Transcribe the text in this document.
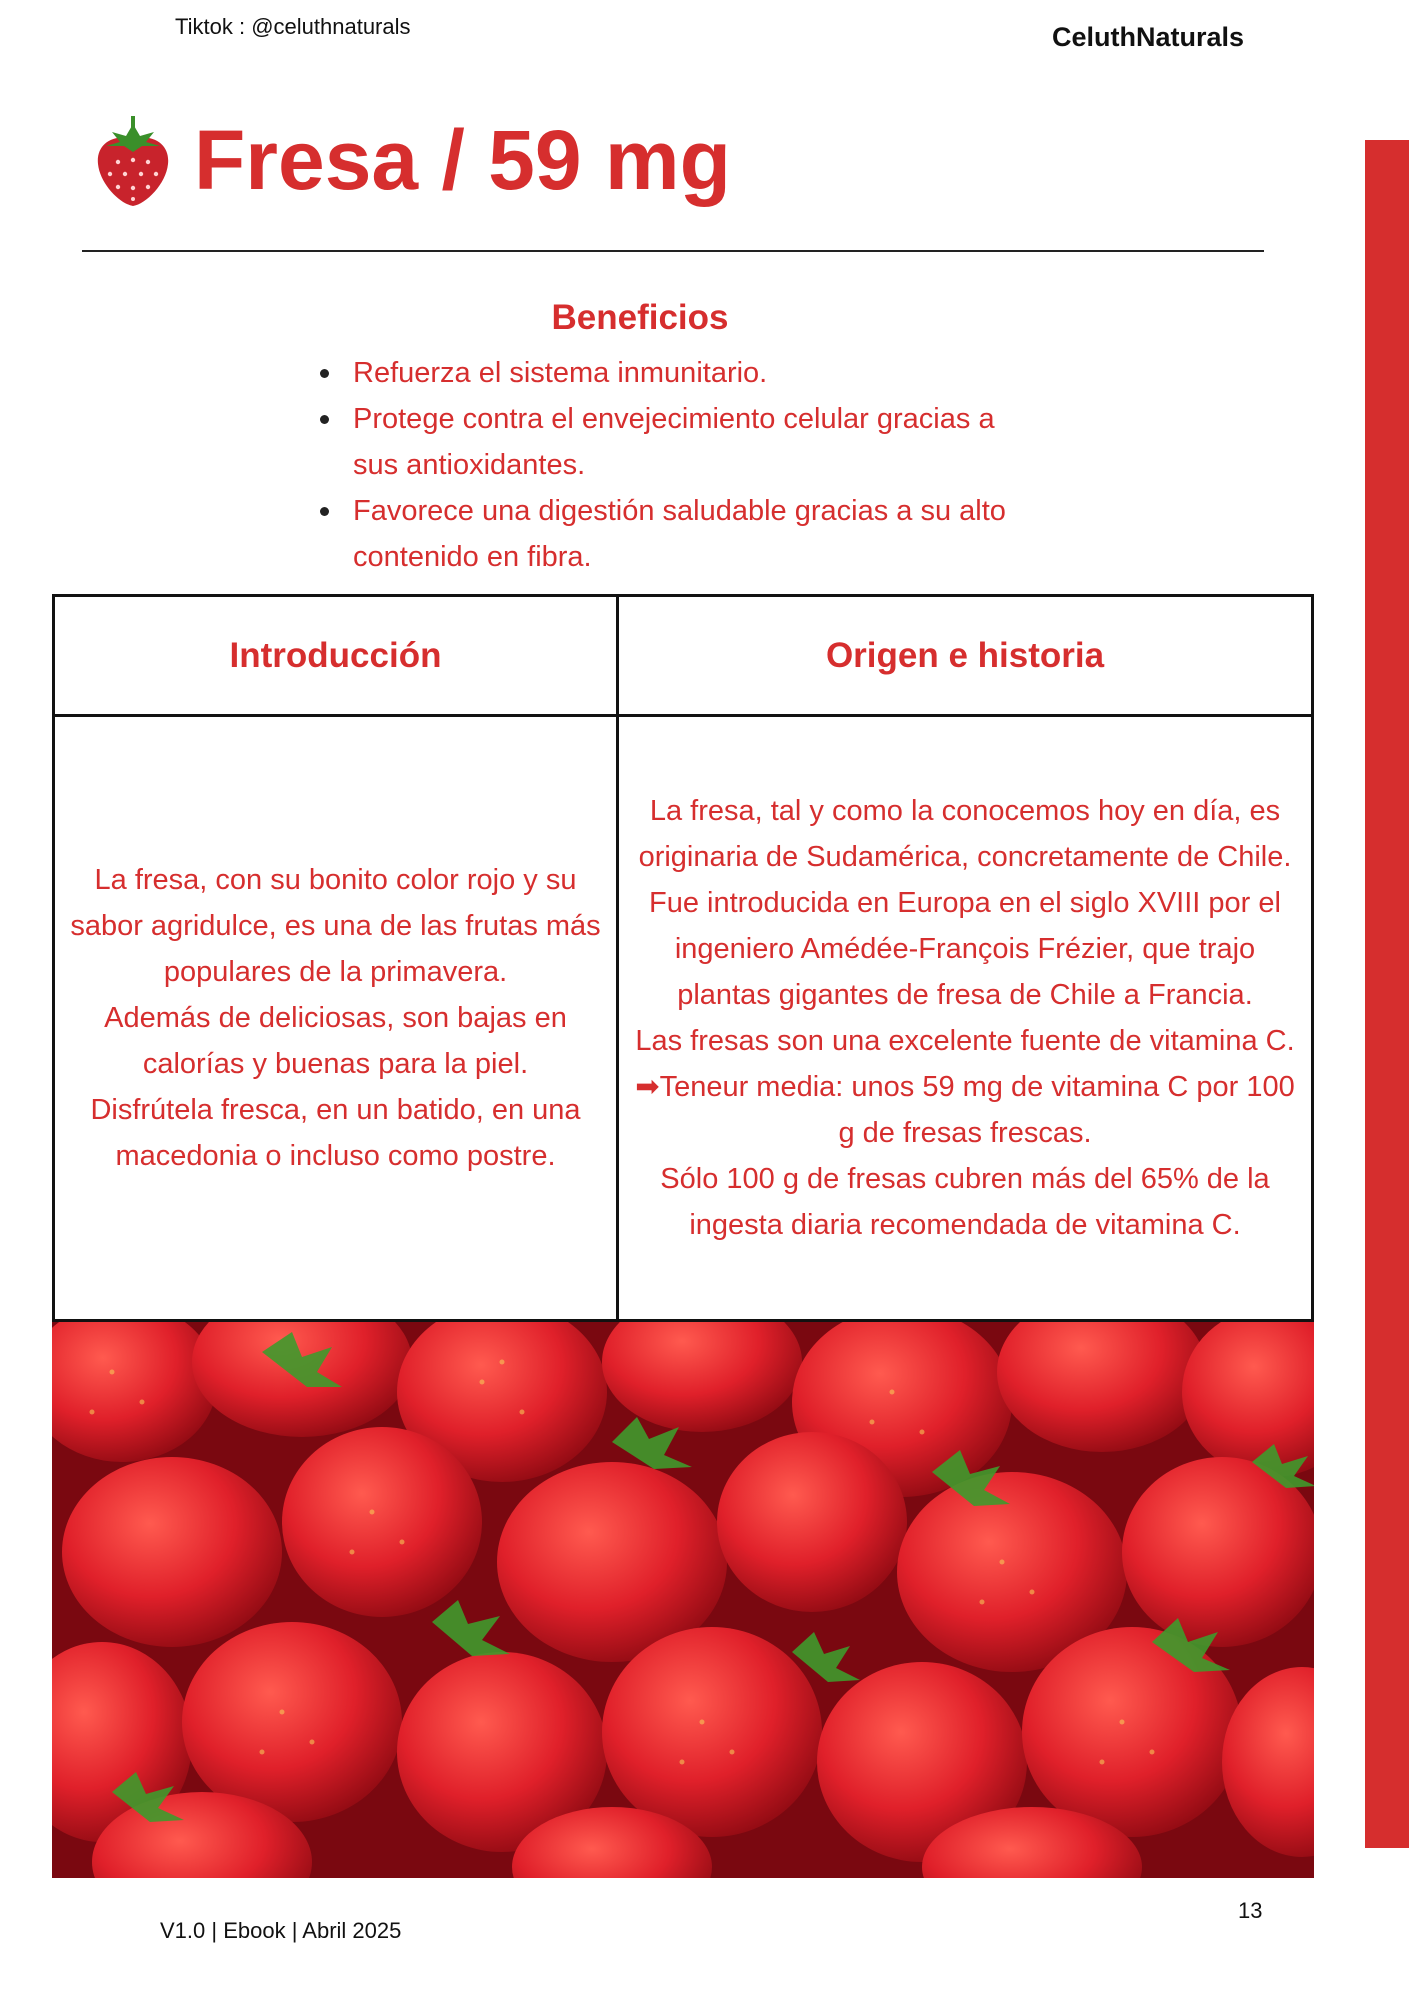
Tiktok : @celuthnaturals	CeluthNaturals
Fresa / 59 mg
Beneficios
Refuerza el sistema inmunitario.
Protege contra el envejecimiento celular gracias a sus antioxidantes.
Favorece una digestión saludable gracias a su alto contenido en fibra.
Introducción	Origen e historia

La fresa, con su bonito color rojo y su sabor agridulce, es una de las frutas más populares de la primavera.

Además de deliciosas, son bajas en calorías y buenas para la piel.

Disfrútela fresca, en un batido, en una macedonia o incluso como postre.

La fresa, tal y como la conocemos hoy en día, es originaria de Sudamérica, concretamente de Chile. Fue introducida en Europa en el siglo XVIII por el ingeniero Amédée-François Frézier, que trajo plantas gigantes de fresa de Chile a Francia.

Las fresas son una excelente fuente de vitamina C.

➡Teneur media: unos 59 mg de vitamina C por 100 g de fresas frescas.

Sólo 100 g de fresas cubren más del 65% de la ingesta diaria recomendada de vitamina C.

13
V1.0 | Ebook | Abril 2025
